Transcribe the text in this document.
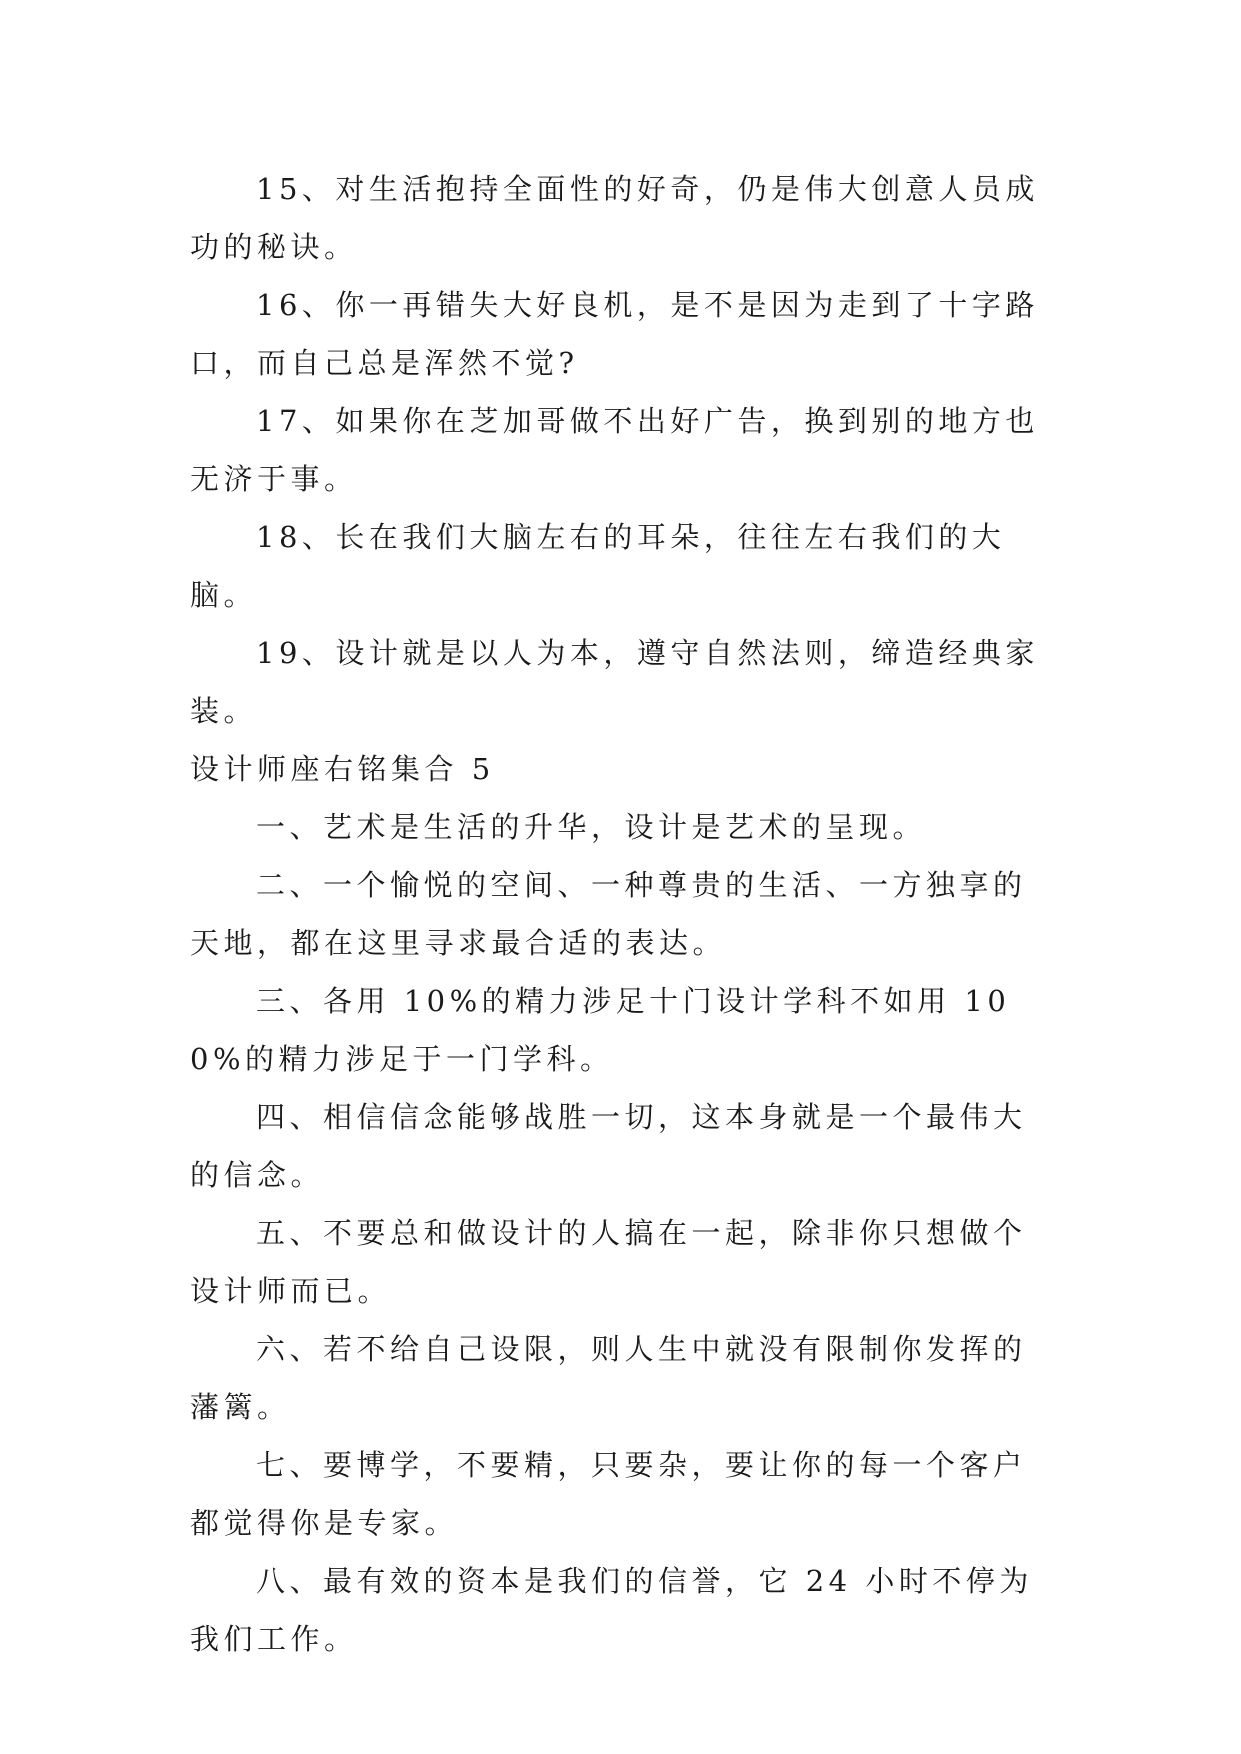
15、对生活抱持全面性的好奇，仍是伟大创意人员成功的秘诀。

16、你一再错失大好良机，是不是因为走到了十字路口，而自己总是浑然不觉?

17、如果你在芝加哥做不出好广告，换到别的地方也无济于事。

18、长在我们大脑左右的耳朵，往往左右我们的大脑。

19、设计就是以人为本，遵守自然法则，缔造经典家装。

设计师座右铭集合 5

一、艺术是生活的升华，设计是艺术的呈现。

二、一个愉悦的空间、一种尊贵的生活、一方独享的天地，都在这里寻求最合适的表达。

三、各用 10%的精力涉足十门设计学科不如用 100%的精力涉足于一门学科。

四、相信信念能够战胜一切，这本身就是一个最伟大的信念。

五、不要总和做设计的人搞在一起，除非你只想做个设计师而已。

六、若不给自己设限，则人生中就没有限制你发挥的藩篱。

七、要博学，不要精，只要杂，要让你的每一个客户都觉得你是专家。

八、最有效的资本是我们的信誉，它 24 小时不停为我们工作。
